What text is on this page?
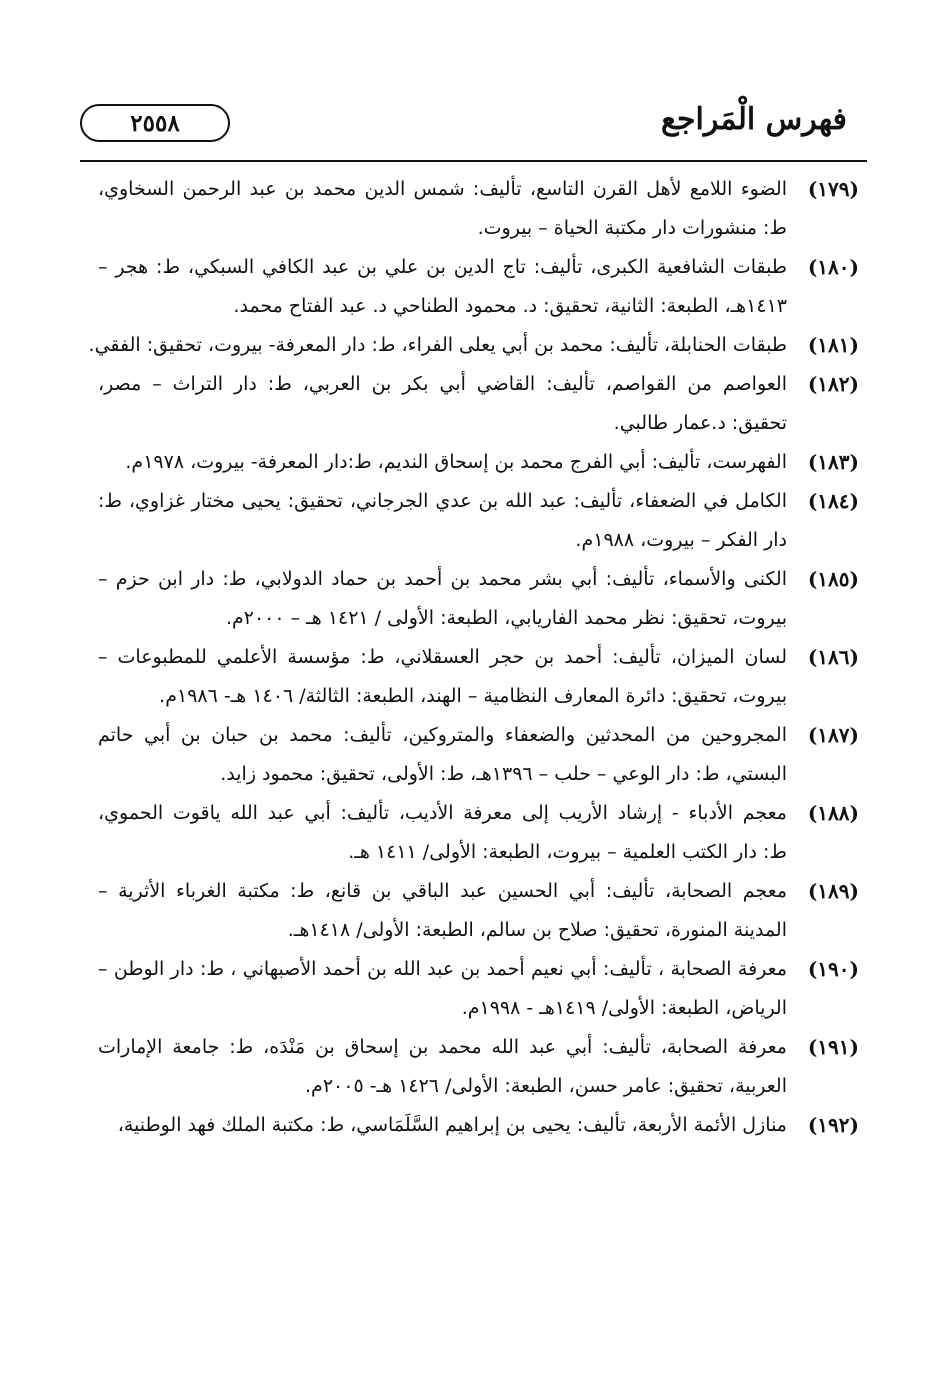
فهرس الْمَراجع
٢٥٥٨
(١٧٩)
الضوء اللامع لأهل القرن التاسع، تأليف: شمس الدين محمد بن عبد الرحمن السخاوي،
ط: منشورات دار مكتبة الحياة – بيروت.
(١٨٠)
طبقات الشافعية الكبرى، تأليف: تاج الدين بن علي بن عبد الكافي السبكي، ط: هجر –
١٤١٣هـ، الطبعة: الثانية، تحقيق: د. محمود الطناحي د. عبد الفتاح محمد.
(١٨١)
طبقات الحنابلة، تأليف: محمد بن أبي يعلى الفراء، ط: دار المعرفة- بيروت، تحقيق: الفقي.
(١٨٢)
العواصم من القواصم، تأليف: القاضي أبي بكر بن العربي، ط: دار التراث – مصر،
تحقيق: د.عمار طالبي.
(١٨٣)
الفهرست، تأليف: أبي الفرج محمد بن إسحاق النديم، ط:دار المعرفة- بيروت، ١٩٧٨م.
(١٨٤)
الكامل في الضعفاء، تأليف: عبد الله بن عدي الجرجاني، تحقيق: يحيى مختار غزاوي، ط:
دار الفكر – بيروت، ١٩٨٨م.
(١٨٥)
الكنى والأسماء، تأليف: أبي بشر محمد بن أحمد بن حماد الدولابي، ط: دار ابن حزم –
بيروت، تحقيق: نظر محمد الفاريابي، الطبعة: الأولى / ١٤٢١ هـ – ٢٠٠٠م.
(١٨٦)
لسان الميزان، تأليف: أحمد بن حجر العسقلاني، ط: مؤسسة الأعلمي للمطبوعات –
بيروت، تحقيق: دائرة المعارف النظامية – الهند، الطبعة: الثالثة/ ١٤٠٦ هـ- ١٩٨٦م.
(١٨٧)
المجروحين من المحدثين والضعفاء والمتروكين، تأليف: محمد بن حبان بن أبي حاتم
البستي، ط: دار الوعي – حلب – ١٣٩٦هـ، ط: الأولى، تحقيق: محمود زايد.
(١٨٨)
معجم الأدباء - إرشاد الأريب إلى معرفة الأديب، تأليف: أبي عبد الله ياقوت الحموي،
ط: دار الكتب العلمية – بيروت، الطبعة: الأولى/ ١٤١١ هـ.
(١٨٩)
معجم الصحابة، تأليف: أبي الحسين عبد الباقي بن قانع، ط: مكتبة الغرباء الأثرية –
المدينة المنورة، تحقيق: صلاح بن سالم، الطبعة: الأولى/ ١٤١٨هـ.
(١٩٠)
معرفة الصحابة ، تأليف: أبي نعيم أحمد بن عبد الله بن أحمد الأصبهاني ، ط: دار الوطن –
الرياض، الطبعة: الأولى/ ١٤١٩هـ - ١٩٩٨م.
(١٩١)
معرفة الصحابة، تأليف: أبي عبد الله محمد بن إسحاق بن مَنْدَه، ط: جامعة الإمارات
العربية، تحقيق: عامر حسن، الطبعة: الأولى/ ١٤٢٦ هـ- ٢٠٠٥م.
(١٩٢)
منازل الأئمة الأربعة، تأليف: يحيى بن إبراهيم السَّلَمَاسي، ط: مكتبة الملك فهد الوطنية،
